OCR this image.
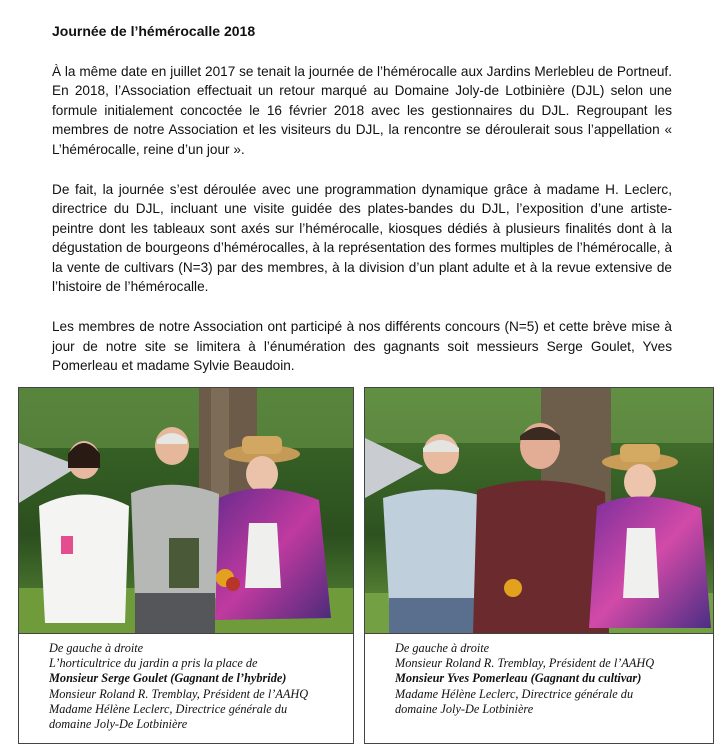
Journée de l’hémérocalle 2018

À la même date en juillet 2017 se tenait la journée de l’hémérocalle aux Jardins Merlebleu de Portneuf. En 2018, l’Association effectuait un retour marqué au Domaine Joly-de Lotbinière (DJL) selon une formule initialement concoctée le 16 février 2018 avec les gestionnaires du DJL. Regroupant les membres de notre Association et les visiteurs du DJL, la rencontre se déroulerait sous l’appellation « L’hémérocalle, reine d’un jour ».

De fait, la journée s’est déroulée avec une programmation dynamique grâce à madame H. Leclerc, directrice du DJL, incluant une visite guidée des plates-bandes du DJL, l’exposition d’une artiste-peintre dont les tableaux sont axés sur l’hémérocalle, kiosques dédiés à plusieurs finalités dont à la dégustation de bourgeons d’hémérocalles, à la représentation des formes multiples de l’hémérocalle, à la vente de cultivars (N=3) par des membres, à la division d’un plant adulte et à la revue extensive de l’histoire de l’hémérocalle.

Les membres de notre Association ont participé à nos différents concours (N=5) et cette brève mise à jour de notre site se limitera à l’énumération des gagnants soit messieurs Serge Goulet, Yves Pomerleau et madame Sylvie Beaudoin.

De gauche à droite
L’horticultrice du jardin a pris la place de
Monsieur Serge Goulet (Gagnant de l’hybride)
Monsieur Roland R. Tremblay, Président de l’AAHQ
Madame Hélène Leclerc, Directrice générale du
domaine Joly-De Lotbinière
De gauche à droite
Monsieur Roland R. Tremblay, Président de l’AAHQ
Monsieur Yves Pomerleau (Gagnant du cultivar)
Madame Hélène Leclerc, Directrice générale du
domaine Joly-De Lotbinière
